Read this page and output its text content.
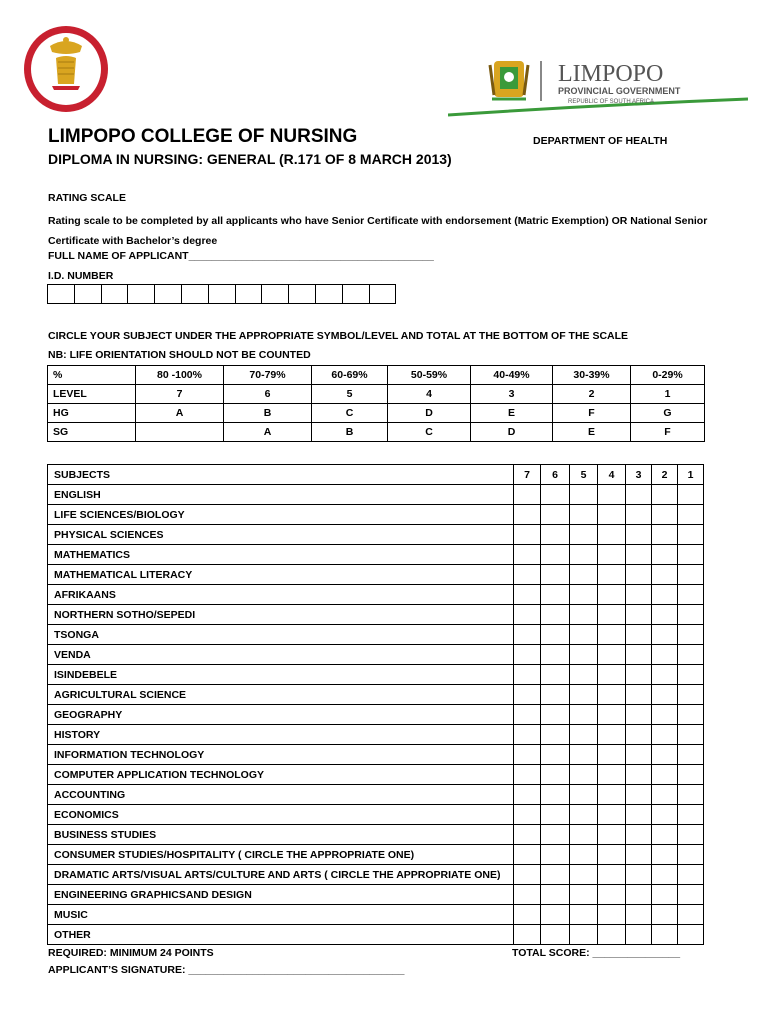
DEPARTMENT OF HEALTH	LIMPOPO
PROVINCIAL GOVERNMENT
REPUBLIC OF SOUTH AFRICA
LIMPOPO COLLEGE OF NURSING	DEPARTMENT OF HEALTH
DIPLOMA IN NURSING: GENERAL (R.171 OF 8 MARCH 2013)
RATING SCALE
Rating scale to be completed by all applicants who have Senior Certificate with endorsement (Matric Exemption) OR National Senior Certificate with Bachelor’s degree
FULL NAME OF APPLICANT__________________________________________
I.D. NUMBER

CIRCLE YOUR SUBJECT UNDER THE APPROPRIATE SYMBOL/LEVEL AND TOTAL AT THE BOTTOM OF THE SCALE
NB: LIFE ORIENTATION SHOULD NOT BE COUNTED
%	80 -100%	70-79%	60-69%	50-59%	40-49%	30-39%	0-29%
LEVEL	7	6	5	4	3	2	1
HG	A	B	C	D	E	F	G
SG		A	B	C	D	E	F
SUBJECTS	7	6	5	4	3	2	1
ENGLISH							
LIFE SCIENCES/BIOLOGY							
PHYSICAL SCIENCES							
MATHEMATICS							
MATHEMATICAL LITERACY							
AFRIKAANS							
NORTHERN SOTHO/SEPEDI							
TSONGA							
VENDA							
ISINDEBELE							
AGRICULTURAL SCIENCE							
GEOGRAPHY							
HISTORY							
INFORMATION TECHNOLOGY							
COMPUTER APPLICATION TECHNOLOGY							
ACCOUNTING							
ECONOMICS							
BUSINESS STUDIES							
CONSUMER STUDIES/HOSPITALITY ( CIRCLE THE APPROPRIATE ONE)							
DRAMATIC ARTS/VISUAL ARTS/CULTURE AND ARTS ( CIRCLE THE APPROPRIATE ONE)							
ENGINEERING GRAPHICSAND DESIGN							
MUSIC							
OTHER							
REQUIRED: MINIMUM 24 POINTS	TOTAL SCORE: _______________
APPLICANT’S SIGNATURE: _____________________________________
